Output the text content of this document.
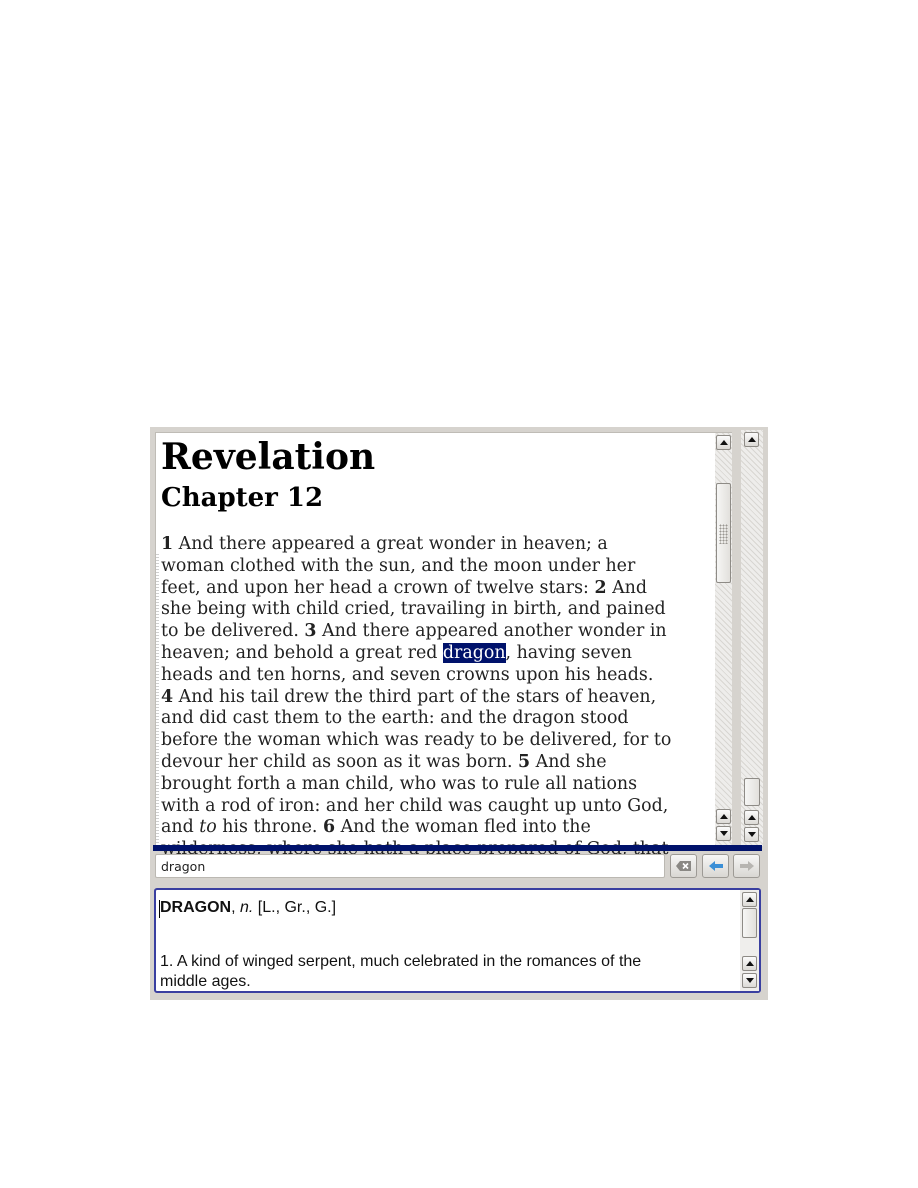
Revelation
Chapter 12
1 And there appeared a great wonder in heaven; a
woman clothed with the sun, and the moon under her
feet, and upon her head a crown of twelve stars: 2 And
she being with child cried, travailing in birth, and pained
to be delivered. 3 And there appeared another wonder in
heaven; and behold a great red dragon, having seven
heads and ten horns, and seven crowns upon his heads.
4 And his tail drew the third part of the stars of heaven,
and did cast them to the earth: and the dragon stood
before the woman which was ready to be delivered, for to
devour her child as soon as it was born. 5 And she
brought forth a man child, who was to rule all nations
with a rod of iron: and her child was caught up unto God,
and to his throne. 6 And the woman fled into the
dragon
DRAGON, n. [L., Gr., G.]
1. A kind of winged serpent, much celebrated in the romances of the
middle ages.
